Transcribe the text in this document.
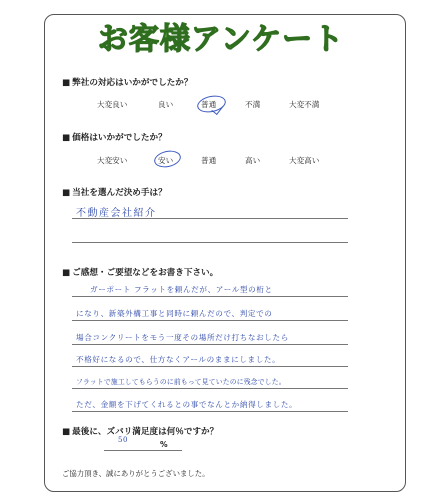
お客様アンケート
■ 弊社の対応はいかがでしたか？
大変良い	良い	普通	不満	大変不満
■ 価格はいかがでしたか？
大変安い	安い	普通	高い	大変高い
■ 当社を選んだ決め手は？
不動産会社紹介
■ ご感想・ご要望などをお書き下さい。
ガーポート フラットを頼んだが、アール型の桁と
になり、新築外構工事と同時に頼んだので、判定での
場合コンクリートをモう一度その場所だけ打ちなおしたら
不格好になるので、仕方なくアールのままにしました。
フラットで施工してもらうのに前もって見ていたのに残念でした。
ただ、金額を下げてくれるとの事でなんとか納得しました。
■ 最後に、ズバリ満足度は何％ですか？
50	%
ご協力頂き、誠にありがとうございました。
